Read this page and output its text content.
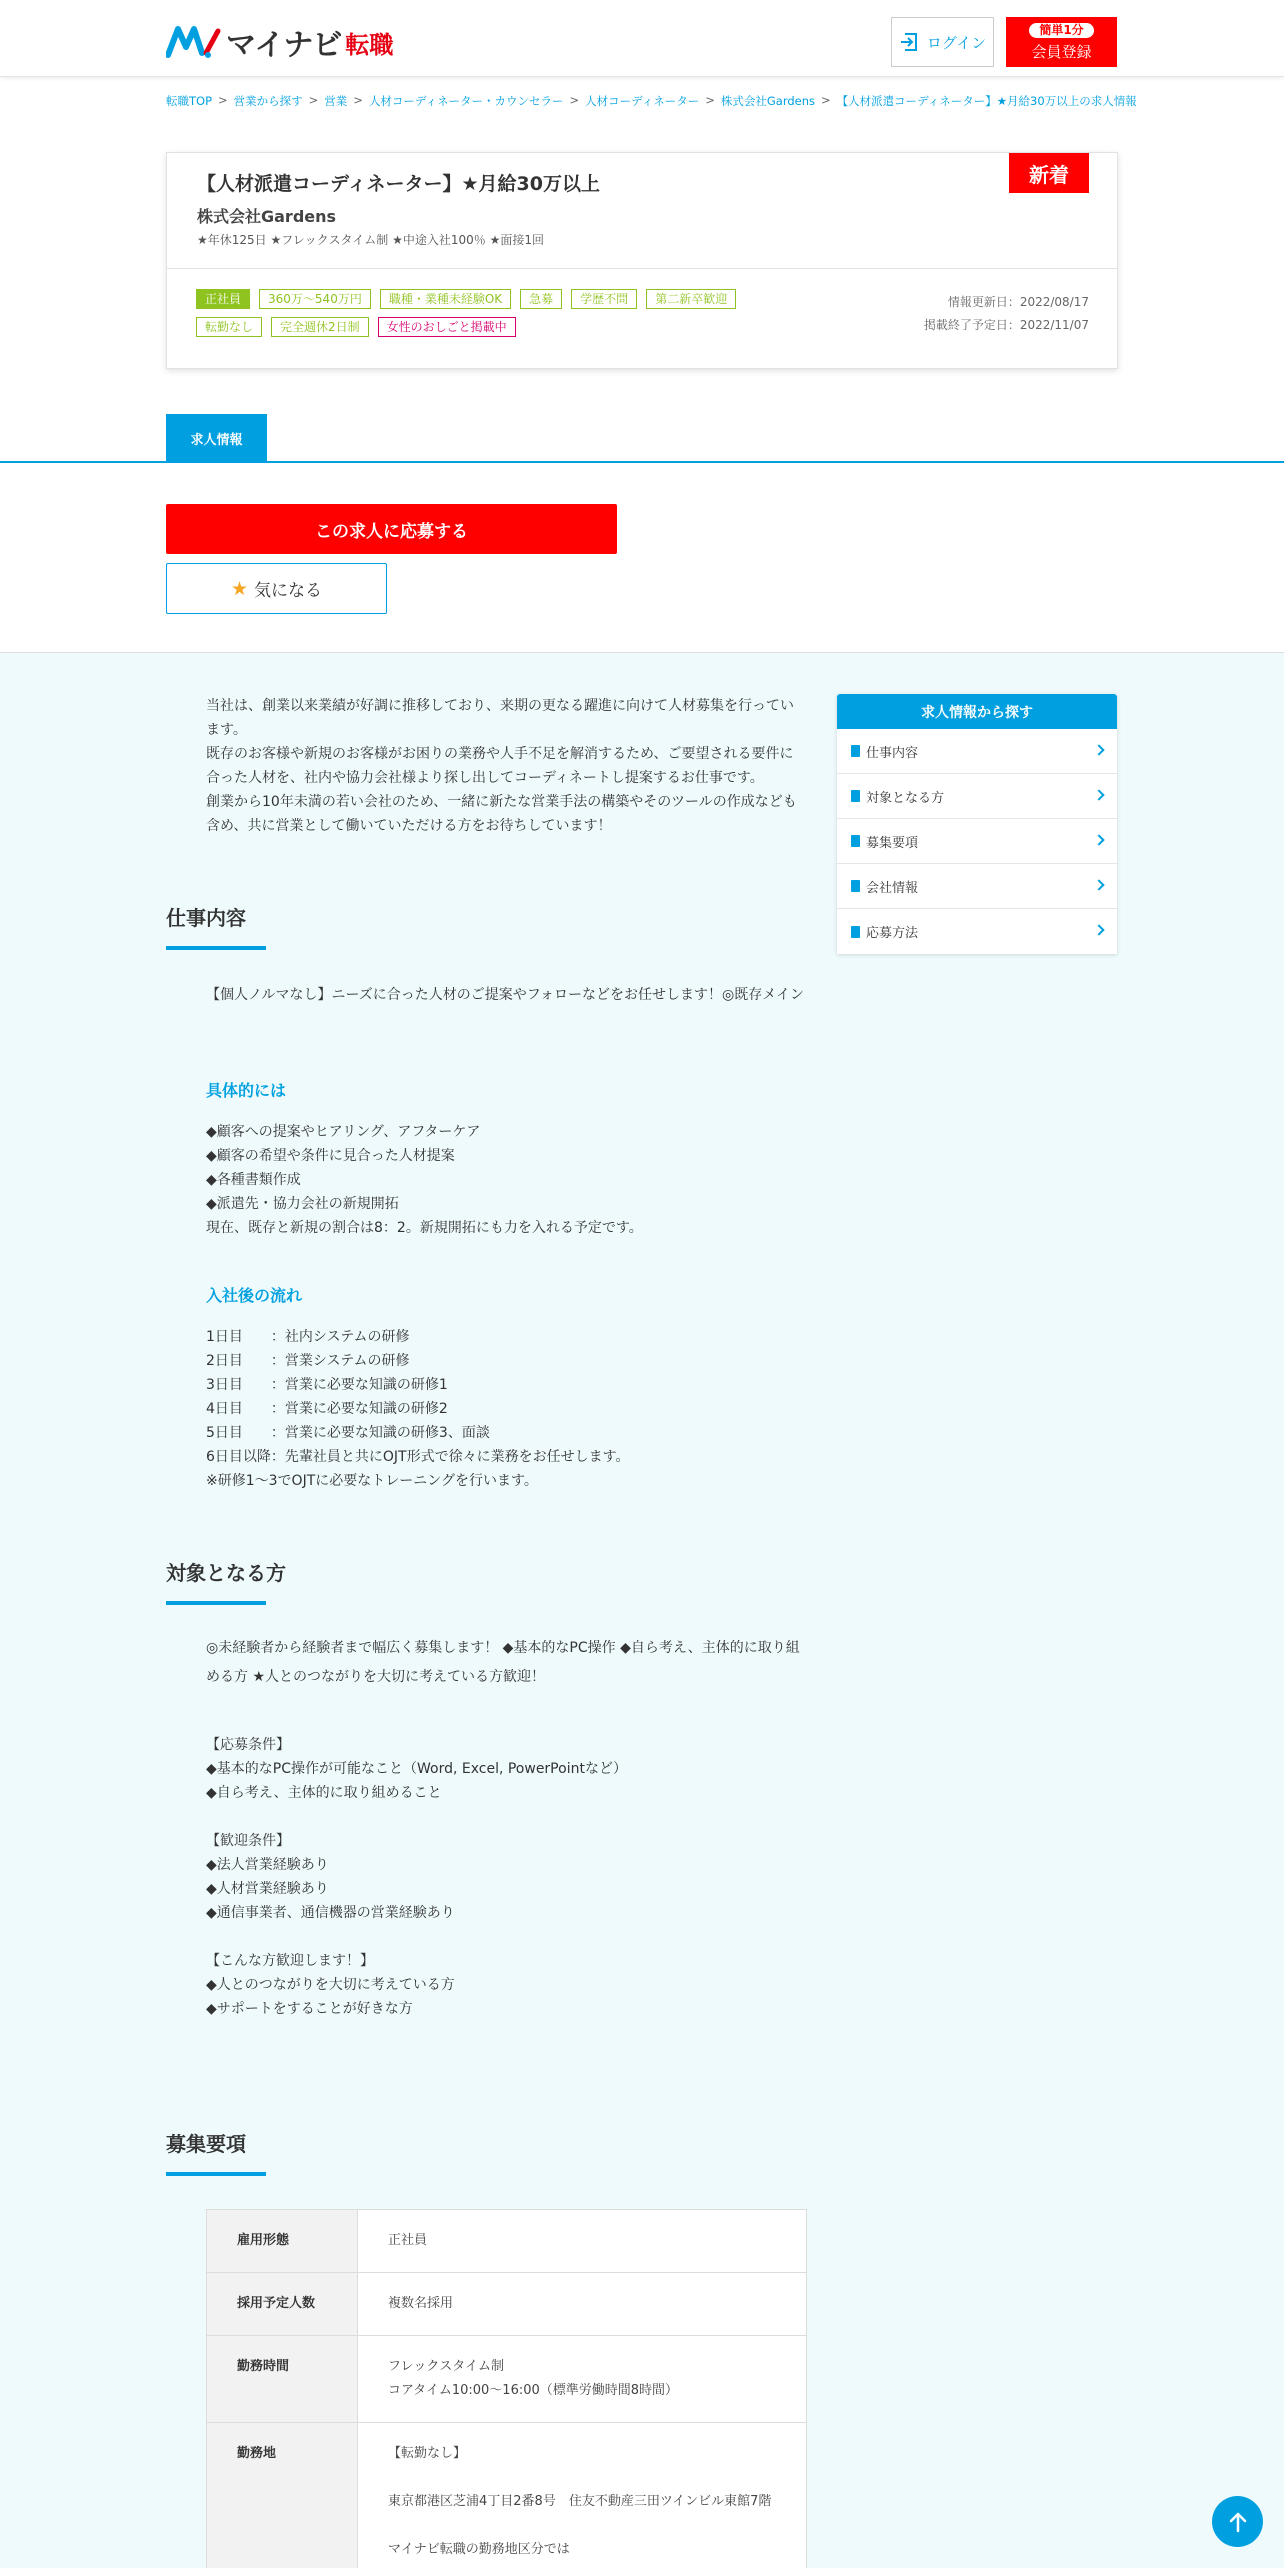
マイナビ 転職	ログイン
簡単1分
会員登録
転職TOP > 営業から探す > 営業 > 人材コーディネーター・カウンセラー > 人材コーディネーター > 株式会社Gardens > 【人材派遣コーディネーター】★月給30万以上の求人情報
新着
【人材派遣コーディネーター】★月給30万以上
株式会社Gardens
★年休125日 ★フレックスタイム制 ★中途入社100％ ★面接1回
正社員	360万～540万円	職種・業種未経験OK	急募	学歴不問	第二新卒歓迎
転勤なし	完全週休2日制	女性のおしごと掲載中
情報更新日：2022/08/17
掲載終了予定日：2022/11/07
求人情報
この求人に応募する
★ 気になる
当社は、創業以来業績が好調に推移しており、来期の更なる躍進に向けて人材募集を行っています。
既存のお客様や新規のお客様がお困りの業務や人手不足を解消するため、ご要望される要件に合った人材を、社内や協力会社様より探し出してコーディネートし提案するお仕事です。
創業から10年未満の若い会社のため、一緒に新たな営業手法の構築やそのツールの作成なども含め、共に営業として働いていただける方をお待ちしています！
求人情報から探す
仕事内容
対象となる方
募集要項
会社情報
応募方法
仕事内容
【個人ノルマなし】ニーズに合った人材のご提案やフォローなどをお任せします！◎既存メイン
具体的には
◆顧客への提案やヒアリング、アフターケア
◆顧客の希望や条件に見合った人材提案
◆各種書類作成
◆派遣先・協力会社の新規開拓
現在、既存と新規の割合は8：2。新規開拓にも力を入れる予定です。
入社後の流れ
1日目　　：社内システムの研修
2日目　　：営業システムの研修
3日目　　：営業に必要な知識の研修1
4日目　　：営業に必要な知識の研修2
5日目　　：営業に必要な知識の研修3、面談
6日目以降：先輩社員と共にOJT形式で徐々に業務をお任せします。
※研修1～3でOJTに必要なトレーニングを行います。
対象となる方
◎未経験者から経験者まで幅広く募集します！ ◆基本的なPC操作 ◆自ら考え、主体的に取り組める方 ★人とのつながりを大切に考えている方歓迎！
【応募条件】
◆基本的なPC操作が可能なこと（Word, Excel, PowerPointなど）
◆自ら考え、主体的に取り組めること
【歓迎条件】
◆法人営業経験あり
◆人材営業経験あり
◆通信事業者、通信機器の営業経験あり
【こんな方歓迎します！】
◆人とのつながりを大切に考えている方
◆サポートをすることが好きな方
募集要項
雇用形態	正社員
採用予定人数	複数名採用
勤務時間	フレックスタイム制
コアタイム10:00～16:00（標準労働時間8時間）
勤務地	【転勤なし】

東京都港区芝浦4丁目2番8号　住友不動産三田ツインビル東館7階

マイナビ転職の勤務地区分では
